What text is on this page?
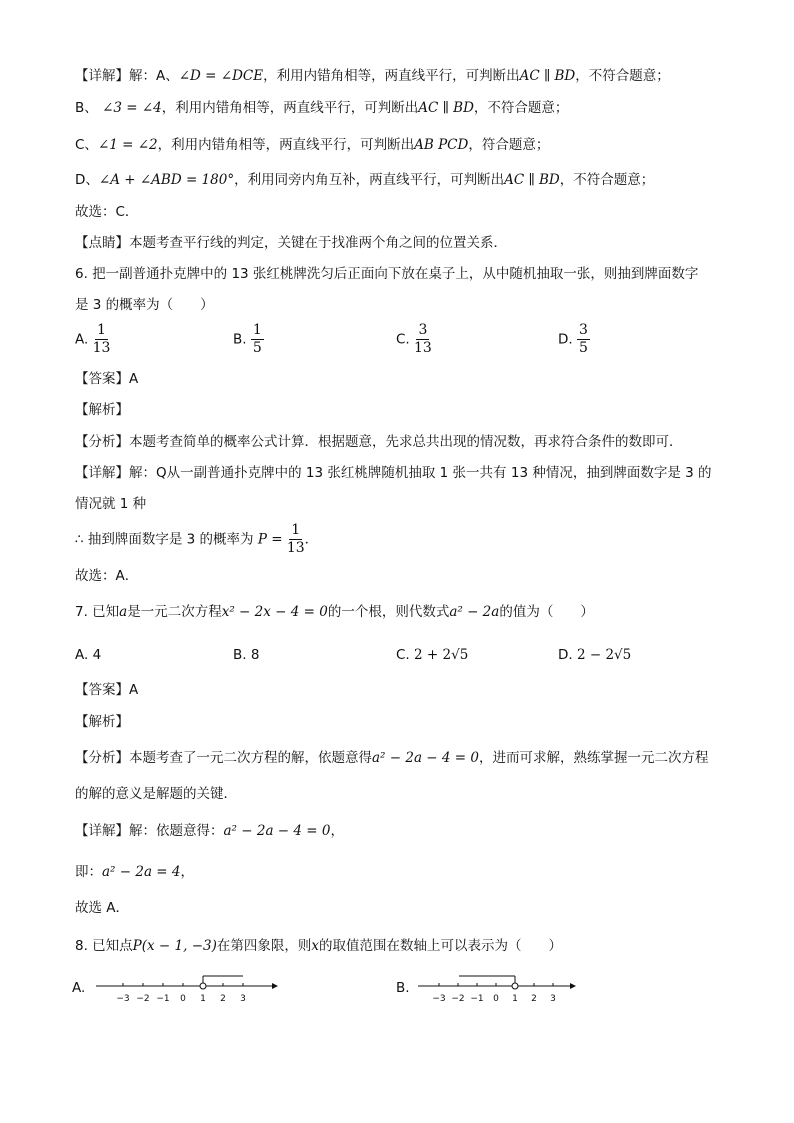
【详解】解：A、∠D = ∠DCE，利用内错角相等，两直线平行，可判断出AC ∥ BD，不符合题意；
B、 ∠3 = ∠4，利用内错角相等，两直线平行，可判断出AC ∥ BD，不符合题意；
C、∠1 = ∠2，利用内错角相等，两直线平行，可判断出AB PCD，符合题意；
D、∠A + ∠ABD = 180°，利用同旁内角互补，两直线平行，可判断出AC ∥ BD，不符合题意；
故选：C．
【点睛】本题考查平行线的判定，关键在于找准两个角之间的位置关系．
6. 把一副普通扑克牌中的 13 张红桃牌洗匀后正面向下放在桌子上，从中随机抽取一张，则抽到牌面数字
是 3 的概率为（　　）
A. $\frac{1}{13}$	B. $\frac{1}{5}$	C. $\frac{3}{13}$	D. $\frac{3}{5}$
【答案】A
【解析】
【分析】本题考查简单的概率公式计算．根据题意，先求总共出现的情况数，再求符合条件的数即可．
【详解】解：Q从一副普通扑克牌中的 13 张红桃牌随机抽取 1 张一共有 13 种情况，抽到牌面数字是 3 的
情况就 1 种
∴ 抽到牌面数字是 3 的概率为 $P = \frac{1}{13}$ ．
故选：A．
7. 已知a是一元二次方程x² − 2x − 4 = 0的一个根，则代数式a² − 2a的值为（　　）
A. 4	B. 8	C. 2 + 2√5	D. 2 − 2√5
【答案】A
【解析】
【分析】本题考查了一元二次方程的解，依题意得a² − 2a − 4 = 0，进而可求解，熟练掌握一元二次方程
的解的意义是解题的关键．
【详解】解：依题意得：a² − 2a − 4 = 0，
即：a² − 2a = 4，
故选 A．
8. 已知点P(x − 1, −3)在第四象限，则x的取值范围在数轴上可以表示为（　　）
A.
−3 −2 −1 0 1 2 3
B.
−3 −2 −1 0 1 2 3
